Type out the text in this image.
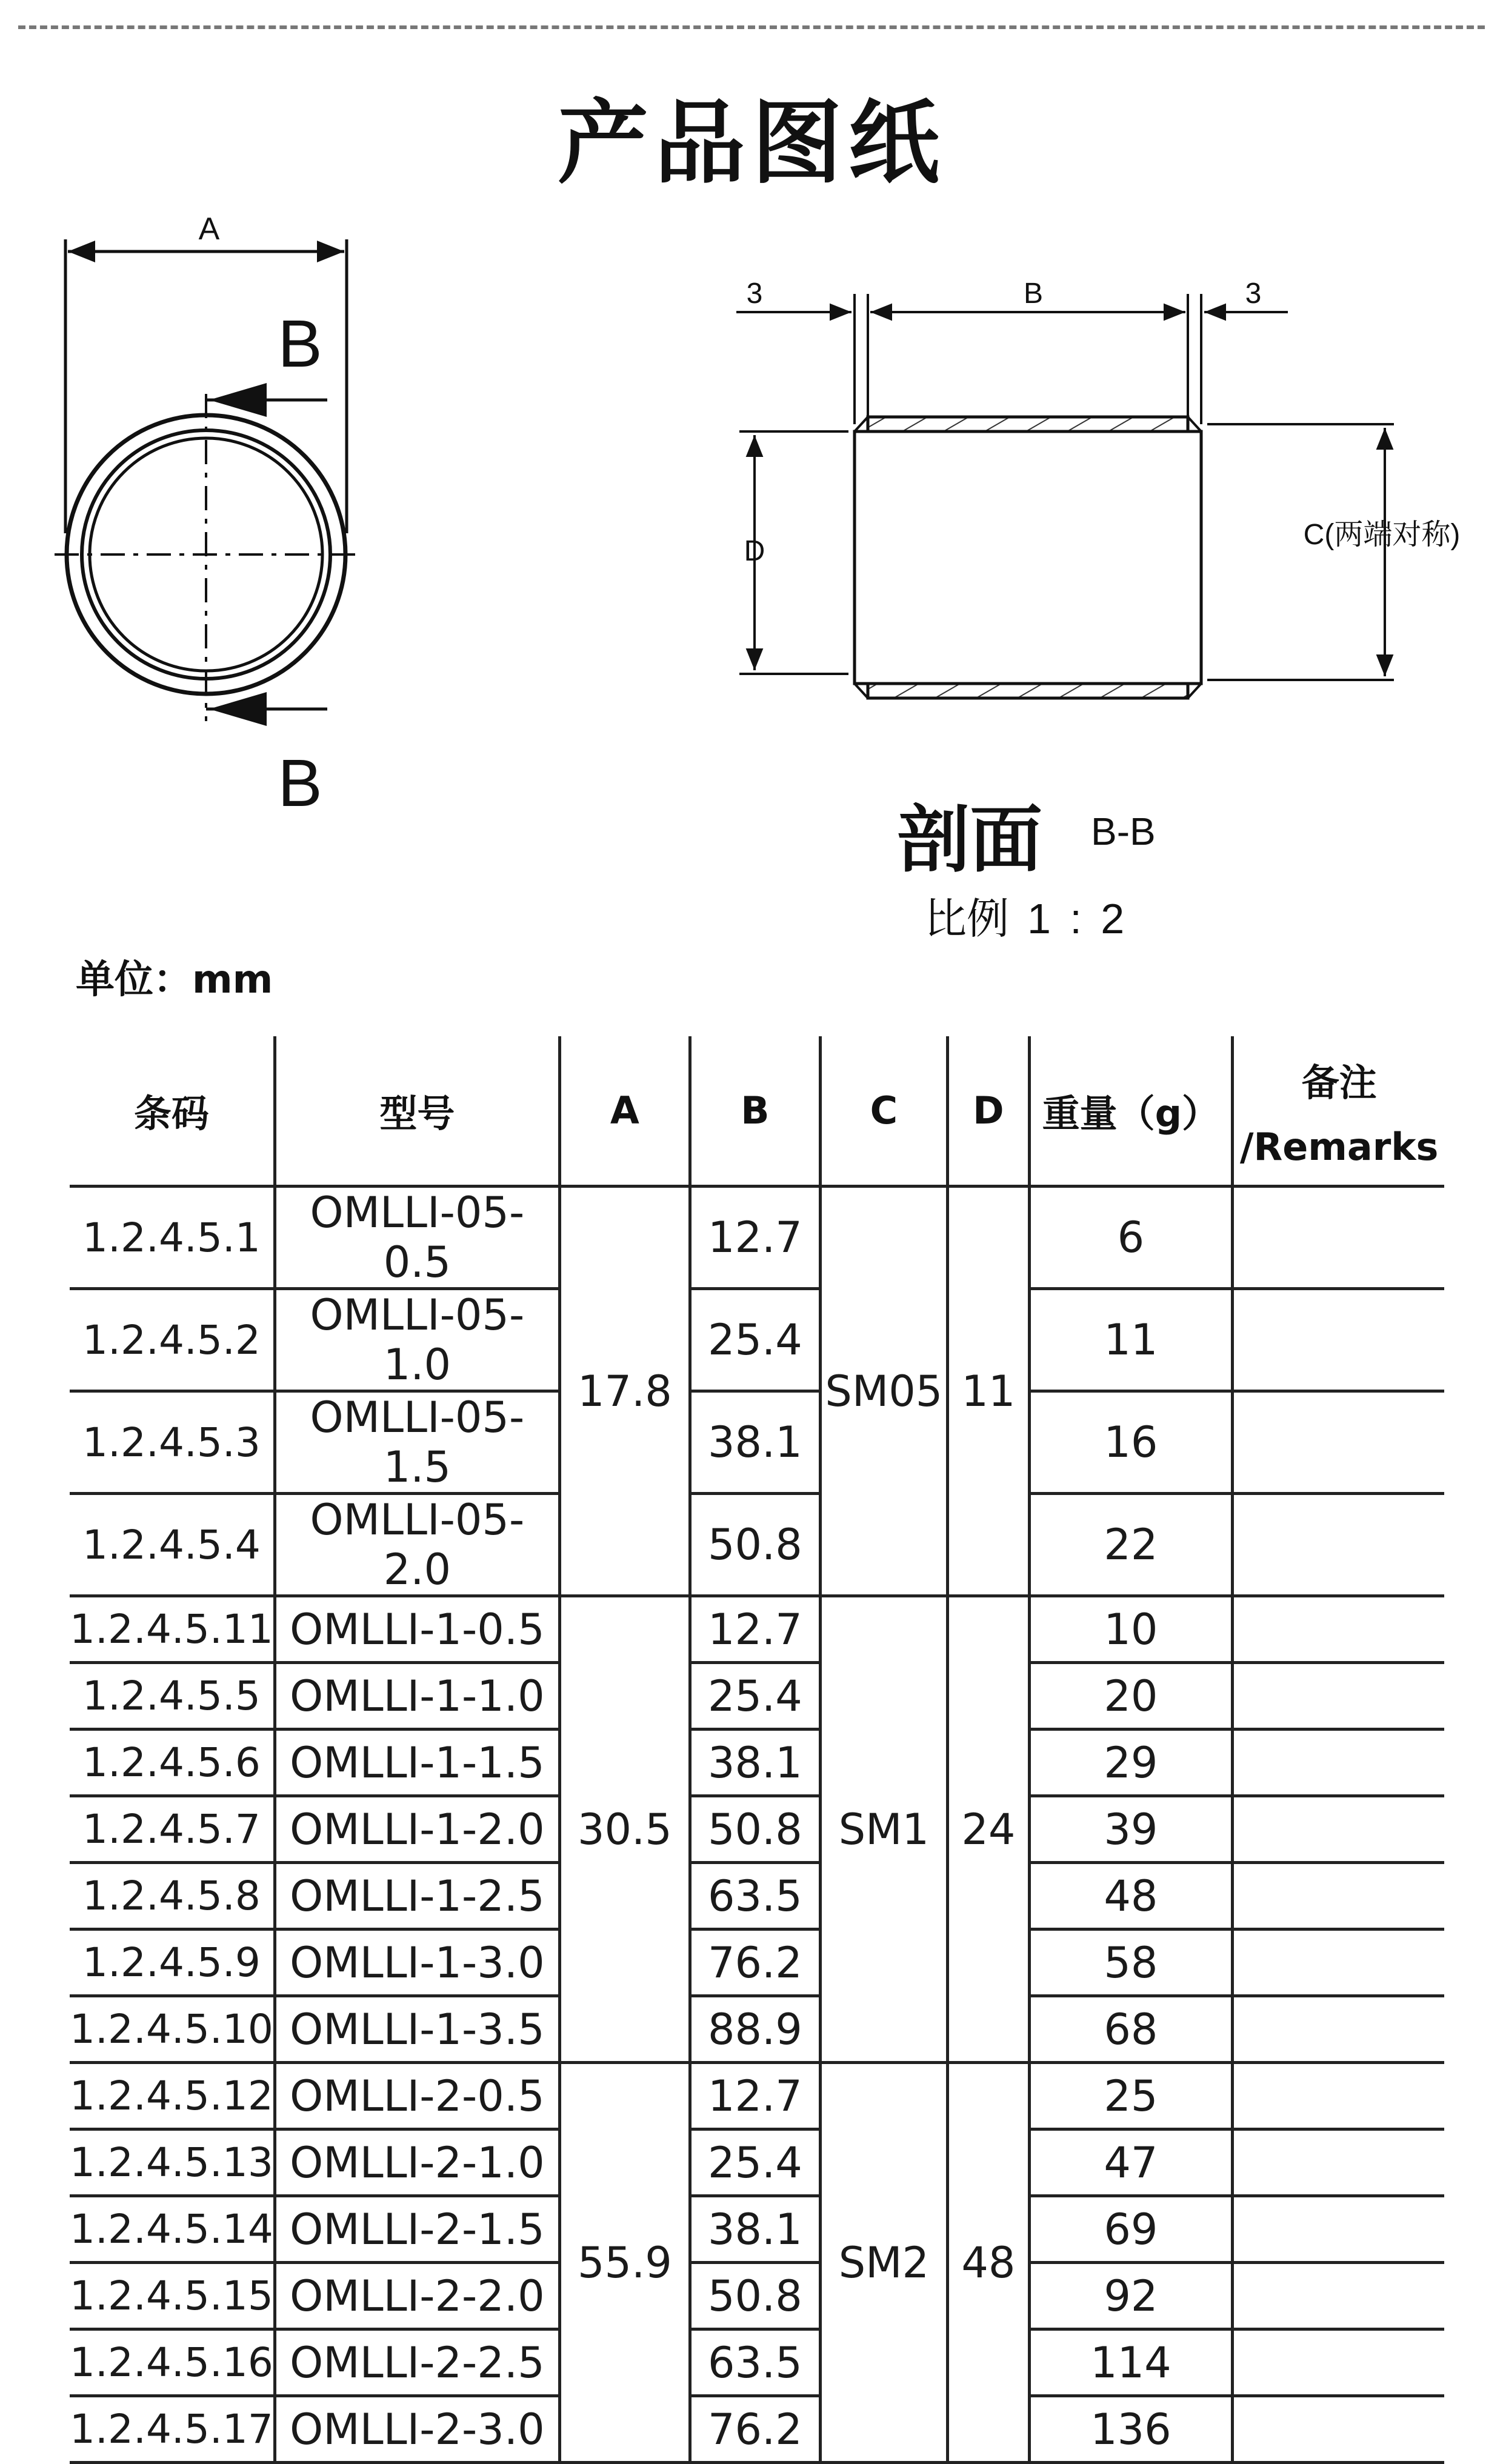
产品图纸
A
B
B
3	B	3
D
C(两端对称)
剖面 B-B
比例 1 : 2
单位：mm
条码	型号	A	B	C	D	重量（g）	备注
/Remarks

1.2.4.5.1	OMLLI-05-0.5	17.8	12.7	SM05	11	6	
1.2.4.5.2	OMLLI-05-1.0		25.4			11	
1.2.4.5.3	OMLLI-05-1.5		38.1			16	
1.2.4.5.4	OMLLI-05-2.0		50.8			22	
1.2.4.5.11	OMLLI-1-0.5	30.5	12.7	SM1	24	10	
1.2.4.5.5	OMLLI-1-1.0		25.4			20	
1.2.4.5.6	OMLLI-1-1.5		38.1			29	
1.2.4.5.7	OMLLI-1-2.0		50.8			39	
1.2.4.5.8	OMLLI-1-2.5		63.5			48	
1.2.4.5.9	OMLLI-1-3.0		76.2			58	
1.2.4.5.10	OMLLI-1-3.5		88.9			68	
1.2.4.5.12	OMLLI-2-0.5	55.9	12.7	SM2	48	25	
1.2.4.5.13	OMLLI-2-1.0		25.4			47	
1.2.4.5.14	OMLLI-2-1.5		38.1			69	
1.2.4.5.15	OMLLI-2-2.0		50.8			92	
1.2.4.5.16	OMLLI-2-2.5		63.5			114	
1.2.4.5.17	OMLLI-2-3.0		76.2			136	
